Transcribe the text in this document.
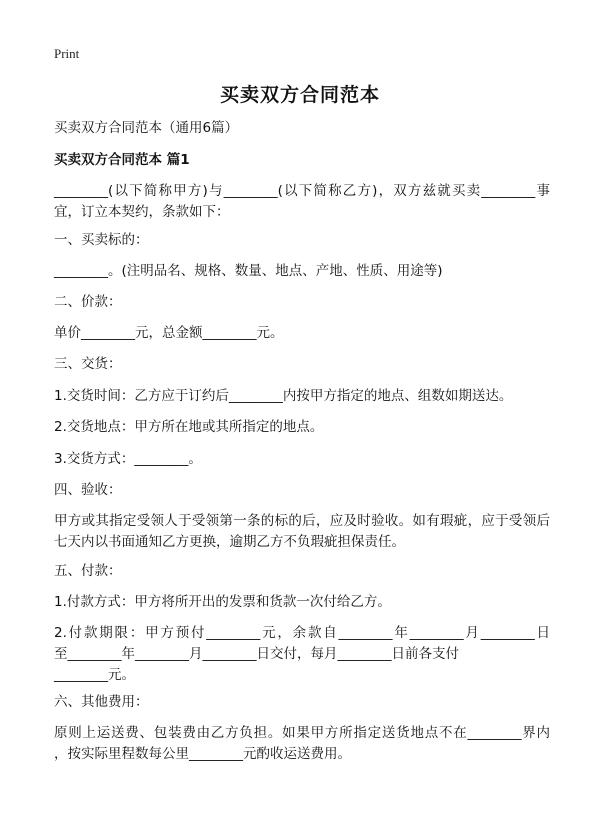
Print
买卖双方合同范本
买卖双方合同范本（通用6篇）
买卖双方合同范本 篇1
________(以下简称甲方)与________(以下简称乙方)，双方兹就买卖________事
宜，订立本契约，条款如下：
一、买卖标的：
________。(注明品名、规格、数量、地点、产地、性质、用途等)
二、价款：
单价________元，总金额________元。
三、交货：
1.交货时间：乙方应于订约后________内按甲方指定的地点、组数如期送达。
2.交货地点：甲方所在地或其所指定的地点。
3.交货方式：________。
四、验收：
甲方或其指定受领人于受领第一条的标的后，应及时验收。如有瑕疵，应于受领后
七天内以书面通知乙方更换，逾期乙方不负瑕疵担保责任。
五、付款：
1.付款方式：甲方将所开出的发票和货款一次付给乙方。
2.付款期限：甲方预付________元，余款自________年________月________日
至________年________月________日交付，每月________日前各支付
________元。
六、其他费用：
原则上运送费、包装费由乙方负担。如果甲方所指定送货地点不在________界内
，按实际里程数每公里________元酌收运送费用。
